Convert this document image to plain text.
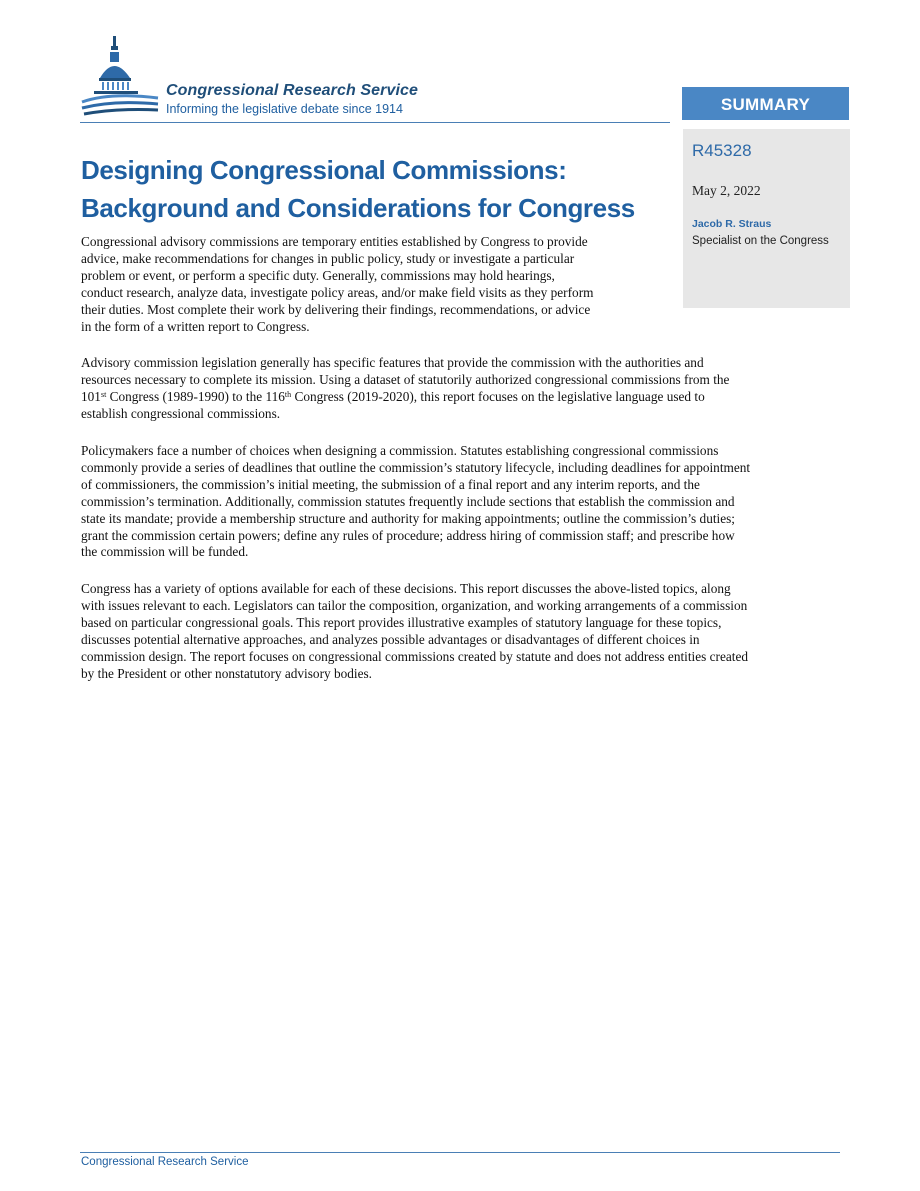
Congressional Research Service
Informing the legislative debate since 1914	SUMMARY
R45328
May 2, 2022
Jacob R. Straus
Specialist on the Congress
Designing Congressional Commissions:
Background and Considerations for Congress
Congressional advisory commissions are temporary entities established by Congress to provide
advice, make recommendations for changes in public policy, study or investigate a particular
problem or event, or perform a specific duty. Generally, commissions may hold hearings,
conduct research, analyze data, investigate policy areas, and/or make field visits as they perform
their duties. Most complete their work by delivering their findings, recommendations, or advice
in the form of a written report to Congress.
Advisory commission legislation generally has specific features that provide the commission with the authorities and
resources necessary to complete its mission. Using a dataset of statutorily authorized congressional commissions from the
101st Congress (1989-1990) to the 116th Congress (2019-2020), this report focuses on the legislative language used to
establish congressional commissions.
Policymakers face a number of choices when designing a commission. Statutes establishing congressional commissions
commonly provide a series of deadlines that outline the commission’s statutory lifecycle, including deadlines for appointment
of commissioners, the commission’s initial meeting, the submission of a final report and any interim reports, and the
commission’s termination. Additionally, commission statutes frequently include sections that establish the commission and
state its mandate; provide a membership structure and authority for making appointments; outline the commission’s duties;
grant the commission certain powers; define any rules of procedure; address hiring of commission staff; and prescribe how
the commission will be funded.
Congress has a variety of options available for each of these decisions. This report discusses the above-listed topics, along
with issues relevant to each. Legislators can tailor the composition, organization, and working arrangements of a commission
based on particular congressional goals. This report provides illustrative examples of statutory language for these topics,
discusses potential alternative approaches, and analyzes possible advantages or disadvantages of different choices in
commission design. The report focuses on congressional commissions created by statute and does not address entities created
by the President or other nonstatutory advisory bodies.
Congressional Research Service
